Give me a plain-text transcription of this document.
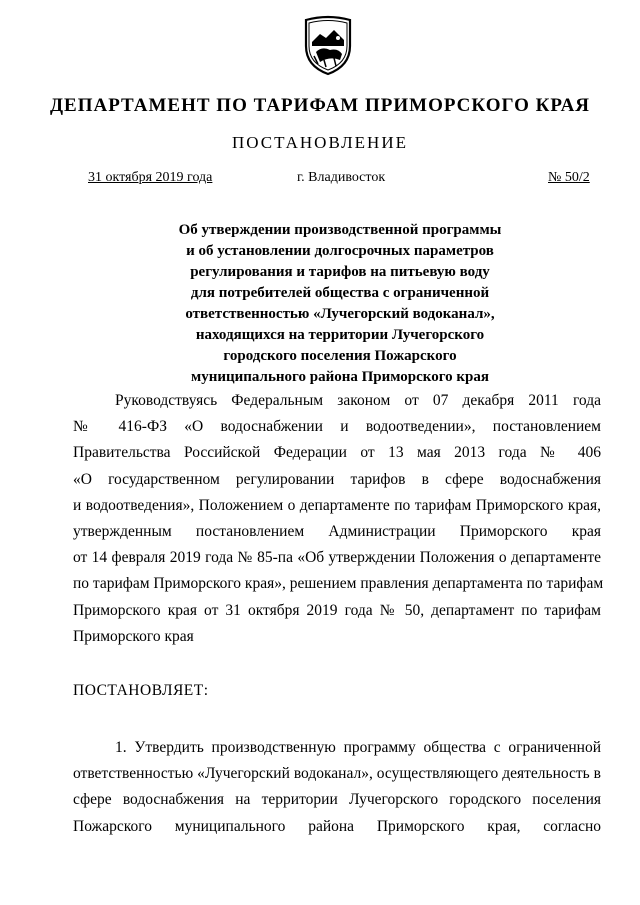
ДЕПАРТАМЕНТ ПО ТАРИФАМ ПРИМОРСКОГО КРАЯ
ПОСТАНОВЛЕНИЕ
31 октября 2019 года	г. Владивосток	№ 50/2
Об утверждении производственной программы
и об установлении долгосрочных параметров
регулирования и тарифов на питьевую воду
для потребителей общества с ограниченной
ответственностью «Лучегорский водоканал»,
находящихся на территории Лучегорского
городского поселения Пожарского
муниципального района Приморского края
Руководствуясь Федеральным законом от 07 декабря 2011 года
№ 416-ФЗ «О водоснабжении и водоотведении», постановлением
Правительства Российской Федерации от 13 мая 2013 года № 406
«О государственном регулировании тарифов в сфере водоснабжения
и водоотведения», Положением о департаменте по тарифам Приморского края,
утвержденным постановлением Администрации Приморского края
от 14 февраля 2019 года № 85-па «Об утверждении Положения о департаменте
по тарифам Приморского края», решением правления департамента по тарифам
Приморского края от 31 октября 2019 года № 50, департамент по тарифам
Приморского края
ПОСТАНОВЛЯЕТ:
1. Утвердить производственную программу общества с ограниченной
ответственностью «Лучегорский водоканал», осуществляющего деятельность в
сфере водоснабжения на территории Лучегорского городского поселения
Пожарского муниципального района Приморского края, согласно
